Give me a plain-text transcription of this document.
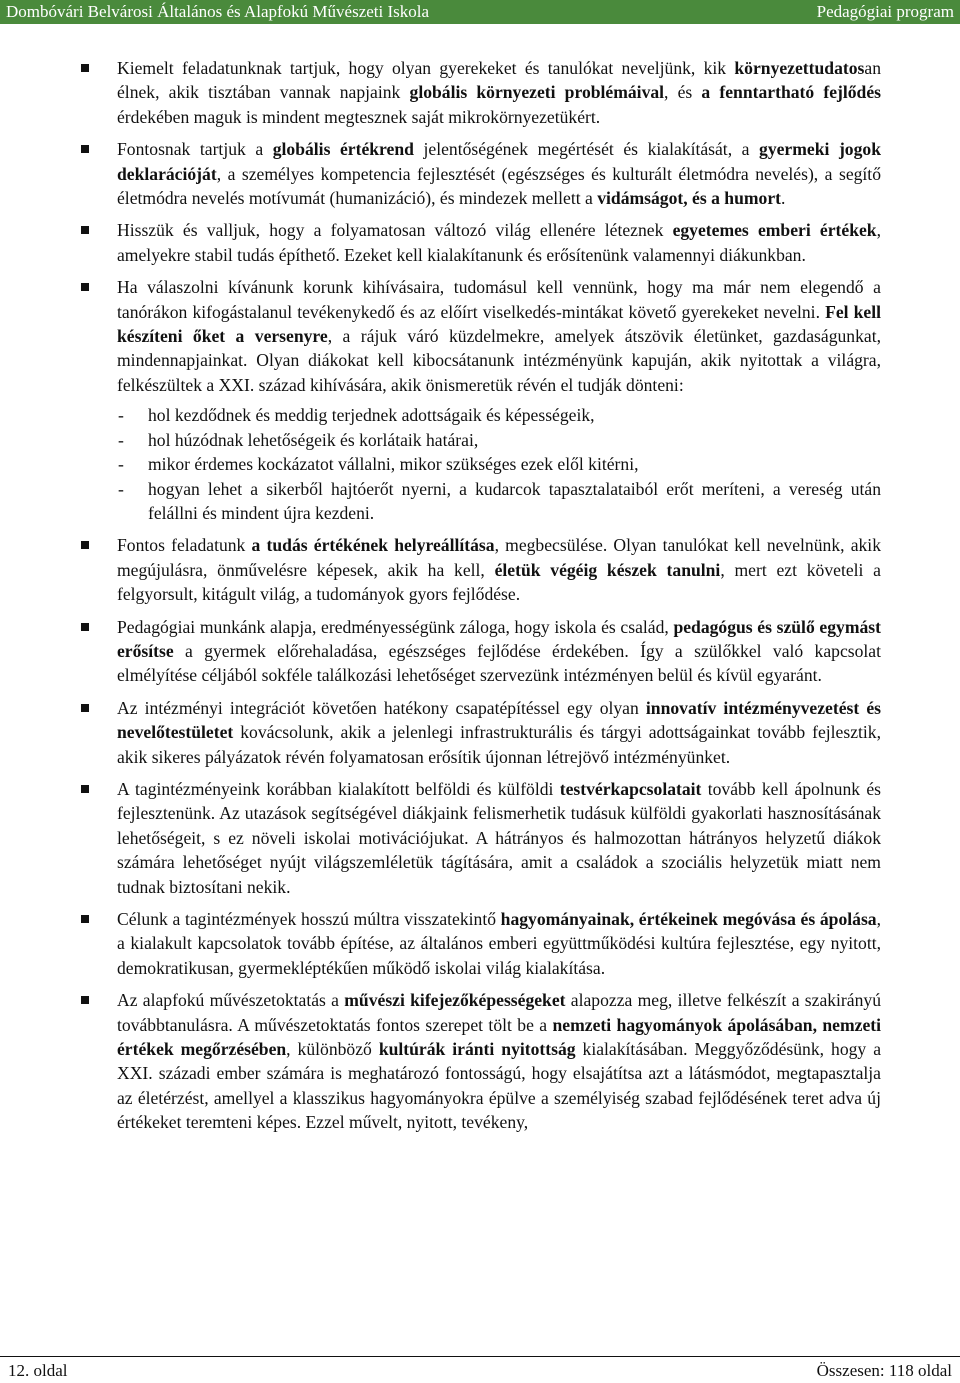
Dombóvári Belvárosi Általános és Alapfokú Művészeti Iskola	Pedagógiai program

Kiemelt feladatunknak tartjuk, hogy olyan gyerekeket és tanulókat neveljünk, kik környezettudatosan élnek, akik tisztában vannak napjaink globális környezeti problémáival, és a fenntartható fejlődés érdekében maguk is mindent megtesznek saját mikrokörnyezetükért.

Fontosnak tartjuk a globális értékrend jelentőségének megértését és kialakítását, a gyermeki jogok deklarációját, a személyes kompetencia fejlesztését (egészséges és kulturált életmódra nevelés), a segítő életmódra nevelés motívumát (humanizáció), és mindezek mellett a vidámságot, és a humort.

Hisszük és valljuk, hogy a folyamatosan változó világ ellenére léteznek egyetemes emberi értékek, amelyekre stabil tudás építhető. Ezeket kell kialakítanunk és erősítenünk valamennyi diákunkban.

Ha válaszolni kívánunk korunk kihívásaira, tudomásul kell vennünk, hogy ma már nem elegendő a tanórákon kifogástalanul tevékenykedő és az előírt viselkedés-mintákat követő gyerekeket nevelni. Fel kell készíteni őket a versenyre, a rájuk váró küzdelmekre, amelyek átszövik életünket, gazdaságunkat, mindennapjainkat. Olyan diákokat kell kibocsátanunk intézményünk kapuján, akik nyitottak a világra, felkészültek a XXI. század kihívására, akik önismeretük révén el tudják dönteni:

- hol kezdődnek és meddig terjednek adottságaik és képességeik,
- hol húzódnak lehetőségeik és korlátaik határai,
- mikor érdemes kockázatot vállalni, mikor szükséges ezek elől kitérni,
- hogyan lehet a sikerből hajtóerőt nyerni, a kudarcok tapasztalataiból erőt meríteni, a vereség után felállni és mindent újra kezdeni.

Fontos feladatunk a tudás értékének helyreállítása, megbecsülése. Olyan tanulókat kell nevelnünk, akik megújulásra, önművelésre képesek, akik ha kell, életük végéig készek tanulni, mert ezt követeli a felgyorsult, kitágult világ, a tudományok gyors fejlődése.

Pedagógiai munkánk alapja, eredményességünk záloga, hogy iskola és család, pedagógus és szülő egymást erősítse a gyermek előrehaladása, egészséges fejlődése érdekében. Így a szülőkkel való kapcsolat elmélyítése céljából sokféle találkozási lehetőséget szervezünk intézményen belül és kívül egyaránt.

Az intézményi integrációt követően hatékony csapatépítéssel egy olyan innovatív intézményvezetést és nevelőtestületet kovácsolunk, akik a jelenlegi infrastrukturális és tárgyi adottságainkat tovább fejlesztik, akik sikeres pályázatok révén folyamatosan erősítik újonnan létrejövő intézményünket.

A tagintézményeink korábban kialakított belföldi és külföldi testvérkapcsolatait tovább kell ápolnunk és fejlesztenünk. Az utazások segítségével diákjaink felismerhetik tudásuk külföldi gyakorlati hasznosításának lehetőségeit, s ez növeli iskolai motivációjukat. A hátrányos és halmozottan hátrányos helyzetű diákok számára lehetőséget nyújt világszemléletük tágítására, amit a családok a szociális helyzetük miatt nem tudnak biztosítani nekik.

Célunk a tagintézmények hosszú múltra visszatekintő hagyományainak, értékeinek megóvása és ápolása, a kialakult kapcsolatok tovább építése, az általános emberi együttműködési kultúra fejlesztése, egy nyitott, demokratikusan, gyermekléptékűen működő iskolai világ kialakítása.

Az alapfokú művészetoktatás a művészi kifejezőképességeket alapozza meg, illetve felkészít a szakirányú továbbtanulásra. A művészetoktatás fontos szerepet tölt be a nemzeti hagyományok ápolásában, nemzeti értékek megőrzésében, különböző kultúrák iránti nyitottság kialakításában. Meggyőződésünk, hogy a XXI. századi ember számára is meghatározó fontosságú, hogy elsajátítsa azt a látásmódot, megtapasztalja az életérzést, amellyel a klasszikus hagyományokra épülve a személyiség szabad fejlődésének teret adva új értékeket teremteni képes. Ezzel művelt, nyitott, tevékeny,

12. oldal	Összesen: 118 oldal
